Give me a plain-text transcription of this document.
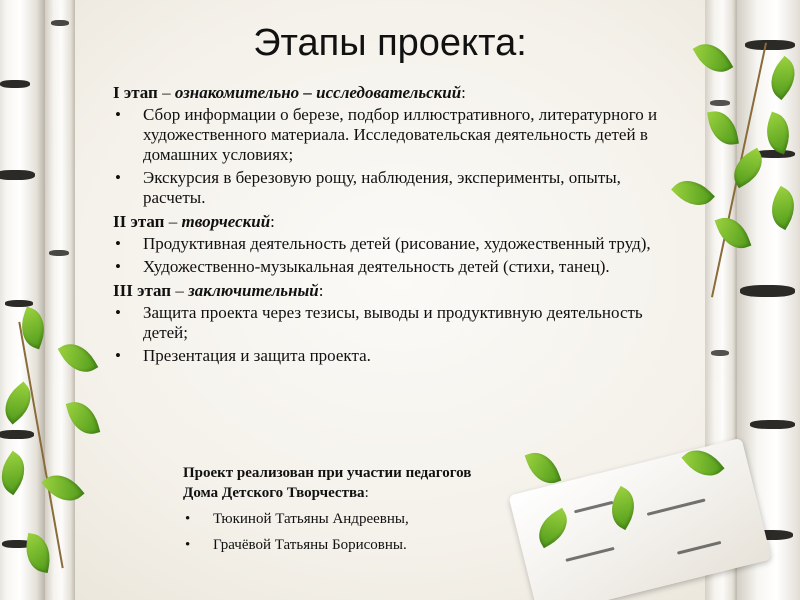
Этапы проекта:
I этап – ознакомительно – исследовательский:
• Сбор информации о березе, подбор иллюстративного, литературного и художественного материала. Исследовательская деятельность детей в домашних условиях;
• Экскурсия в березовую рощу, наблюдения, эксперименты, опыты, расчеты.
II этап – творческий:
• Продуктивная деятельность детей (рисование, художественный труд),
• Художественно-музыкальная деятельность детей (стихи, танец).
III этап – заключительный:
• Защита проекта через тезисы, выводы и продуктивную деятельность детей;
• Презентация и защита проекта.
Проект реализован при участии педагогов
Дома Детского Творчества:
• Тюкиной Татьяны Андреевны,
• Грачёвой Татьяны Борисовны.
